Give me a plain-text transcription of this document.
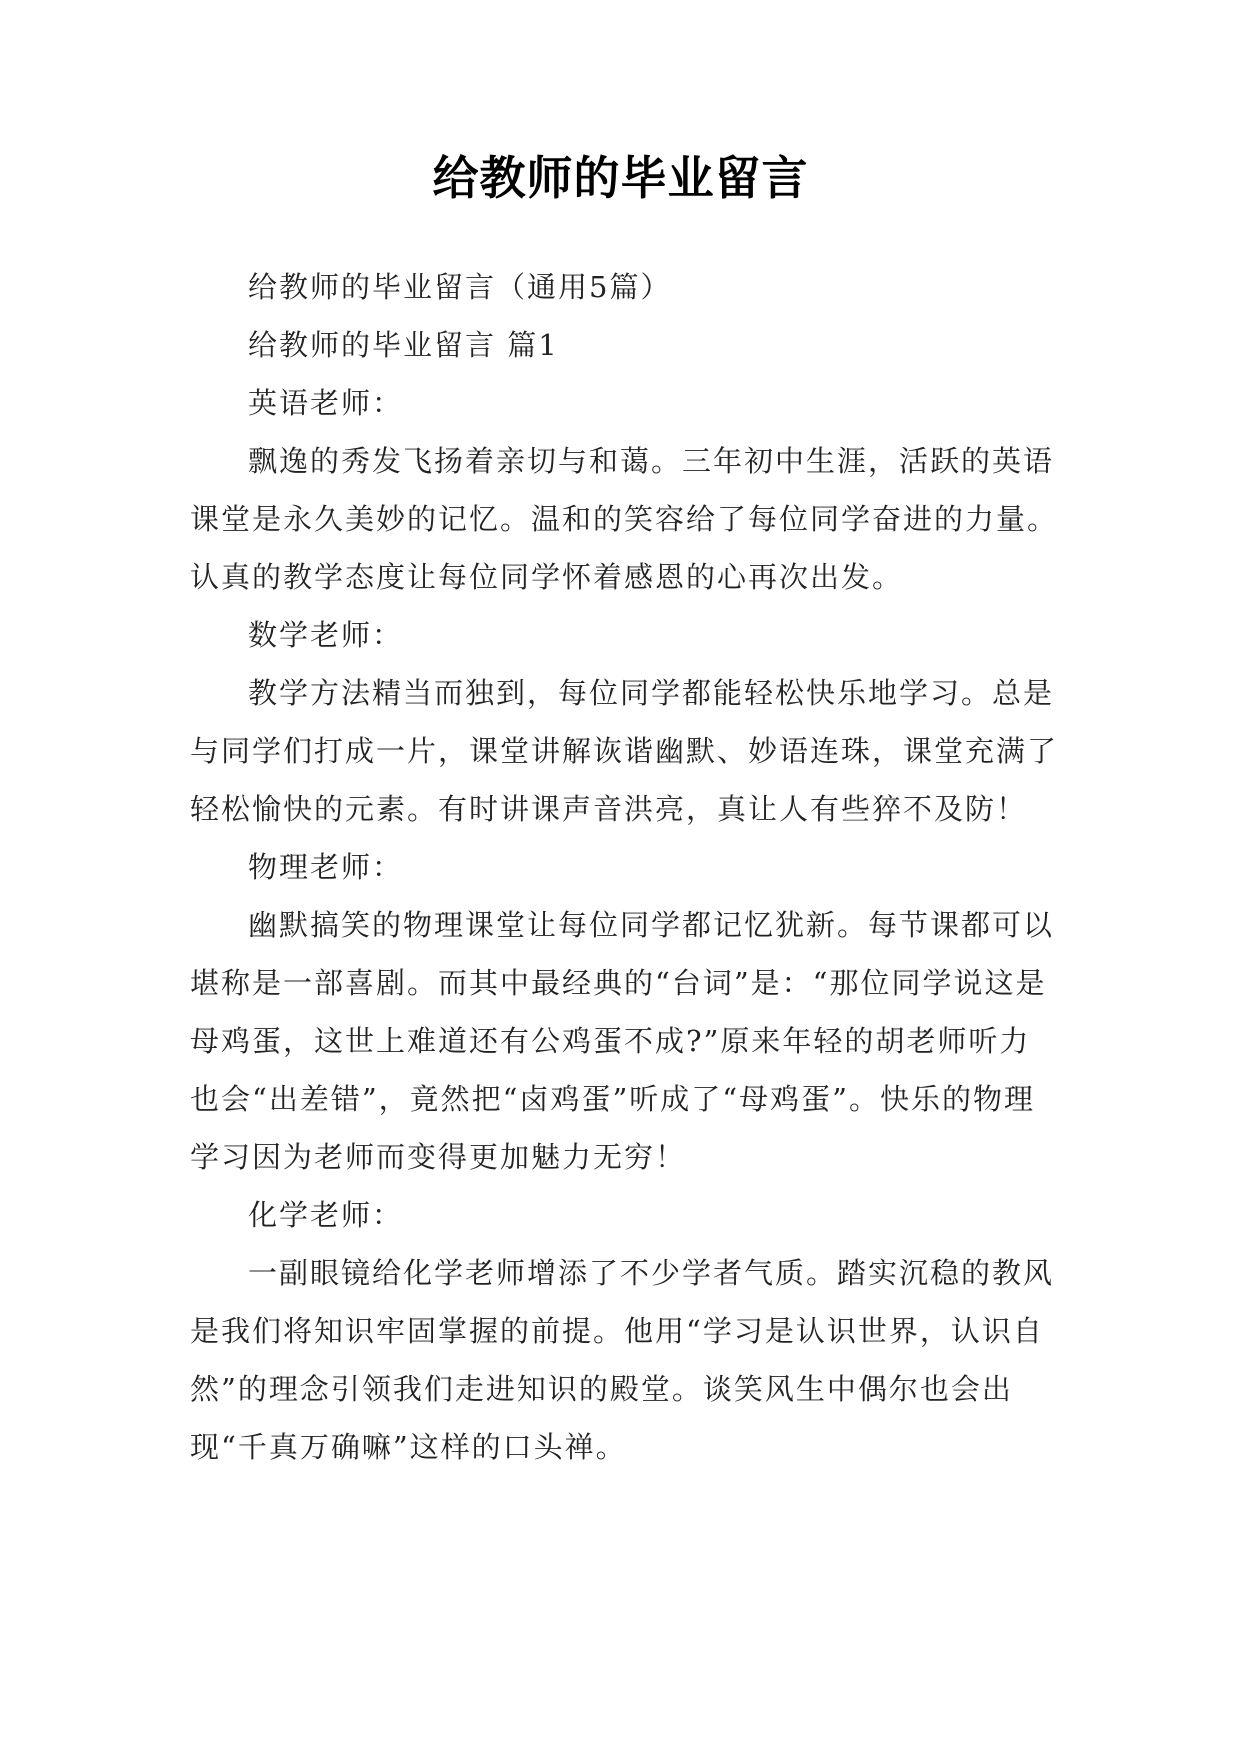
给教师的毕业留言

给教师的毕业留言（通用5篇）

给教师的毕业留言 篇1

英语老师：

飘逸的秀发飞扬着亲切与和蔼。三年初中生涯，活跃的英语课堂是永久美妙的记忆。温和的笑容给了每位同学奋进的力量。认真的教学态度让每位同学怀着感恩的心再次出发。

数学老师：

教学方法精当而独到，每位同学都能轻松快乐地学习。总是与同学们打成一片，课堂讲解诙谐幽默、妙语连珠，课堂充满了轻松愉快的元素。有时讲课声音洪亮，真让人有些猝不及防！

物理老师：

幽默搞笑的物理课堂让每位同学都记忆犹新。每节课都可以堪称是一部喜剧。而其中最经典的“台词”是：“那位同学说这是母鸡蛋，这世上难道还有公鸡蛋不成?”原来年轻的胡老师听力也会“出差错”，竟然把“卤鸡蛋”听成了“母鸡蛋”。快乐的物理学习因为老师而变得更加魅力无穷！

化学老师：

一副眼镜给化学老师增添了不少学者气质。踏实沉稳的教风是我们将知识牢固掌握的前提。他用“学习是认识世界，认识自然”的理念引领我们走进知识的殿堂。谈笑风生中偶尔也会出现“千真万确嘛”这样的口头禅。
